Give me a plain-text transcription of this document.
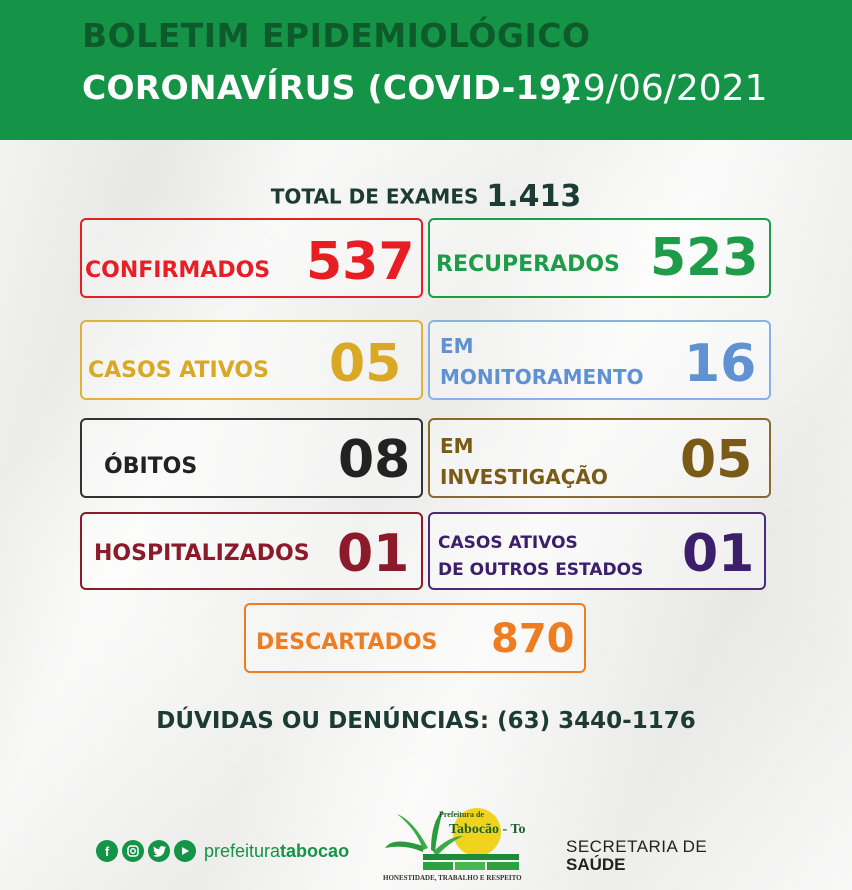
BOLETIM EPIDEMIOLÓGICO
CORONAVÍRUS (COVID-19)
29/06/2021
TOTAL DE EXAMES 1.413
CONFIRMADOS 537 RECUPERADOS 523
CASOS ATIVOS 05 EM
MONITORAMENTO 16
ÓBITOS	08 EM
INVESTIGAÇÃO 05
HOSPITALIZADOS 01 CASOS ATIVOS
DE OUTROS ESTADOS 01
DESCARTADOS 870
DÚVIDAS OU DENÚNCIAS: (63) 3440-1176
f	prefeituratabocao
Prefeitura de
Tabocão - To
HONESTIDADE, TRABALHO E RESPEITO
SECRETARIA DE
SAÚDE
